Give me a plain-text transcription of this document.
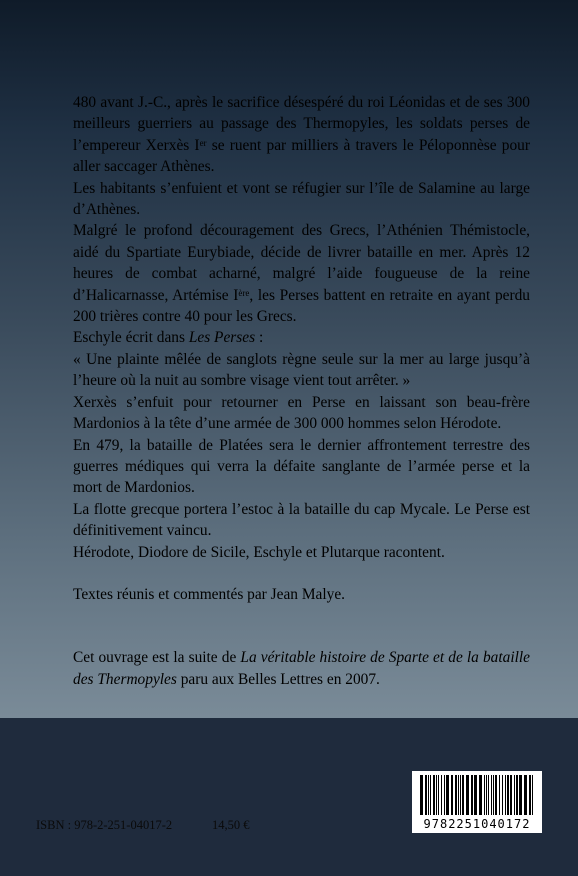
480 avant J.-C., après le sacrifice désespéré du roi Léonidas et de ses 300 meilleurs guerriers au passage des Thermopyles, les soldats perses de l’empereur Xerxès Ier se ruent par milliers à travers le Péloponnèse pour aller saccager Athènes.

Les habitants s’enfuient et vont se réfugier sur l’île de Salamine au large d’Athènes.

Malgré le profond découragement des Grecs, l’Athénien Thémistocle, aidé du Spartiate Eurybiade, décide de livrer bataille en mer. Après 12 heures de combat acharné, malgré l’aide fougueuse de la reine d’Halicarnasse, Artémise Ière, les Perses battent en retraite en ayant perdu 200 trières contre 40 pour les Grecs.

Eschyle écrit dans Les Perses :

« Une plainte mêlée de sanglots règne seule sur la mer au large jusqu’à l’heure où la nuit au sombre visage vient tout arrêter. »

Xerxès s’enfuit pour retourner en Perse en laissant son beau-frère Mardonios à la tête d’une armée de 300 000 hommes selon Hérodote.

En 479, la bataille de Platées sera le dernier affrontement terrestre des guerres médiques qui verra la défaite sanglante de l’armée perse et la mort de Mardonios.

La flotte grecque portera l’estoc à la bataille du cap Mycale. Le Perse est définitivement vaincu.

Hérodote, Diodore de Sicile, Eschyle et Plutarque racontent.

Textes réunis et commentés par Jean Malye.

Cet ouvrage est la suite de La véritable histoire de Sparte et de la bataille des Thermopyles paru aux Belles Lettres en 2007.

ISBN : 978-2-251-04017-2	14,50 €	9782251040172
